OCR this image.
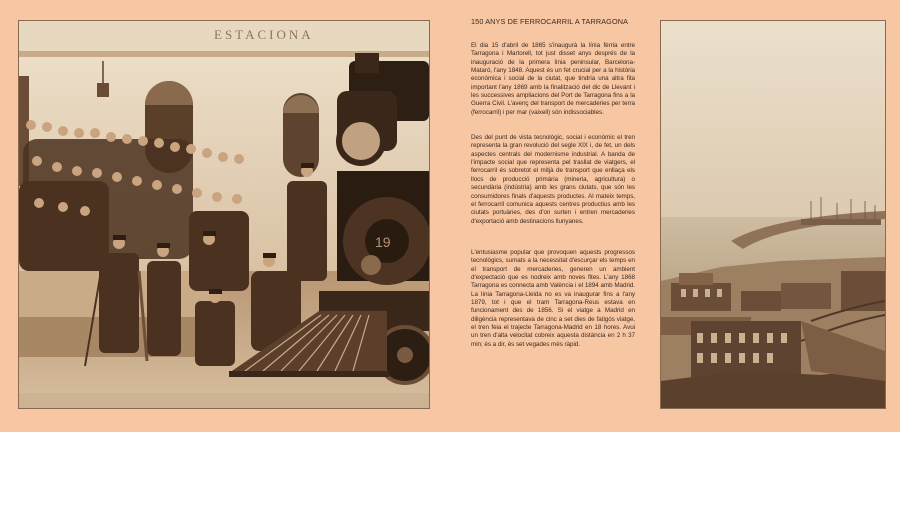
ESTACIONA
19
150 ANYS DE FERROCARRIL A TARRAGONA

El dia 15 d'abril de 1865 s'inaugurà la línia fèrria entre Tarragona i Martorell, tot just disset anys després de la inauguració de la primera línia peninsular, Barcelona-Mataró, l'any 1848. Aquest és un fet crucial per a la història econòmica i social de la ciutat, que tindria una altra fita important l'any 1869 amb la finalització del dic de Llevant i les successives ampliacions del Port de Tarragona fins a la Guerra Civil. L'avenç del transport de mercaderies per terra (ferrocarril) i per mar (vaixell) són indissociables.

Des del punt de vista tecnològic, social i econòmic el tren representa la gran revolució del segle XIX i, de fet, un dels aspectes centrals del modernisme industrial. A banda de l'impacte social que representa pel trasllat de viatgers, el ferrocarril és sobretot el mitjà de transport que enllaça els llocs de producció primària (mineria, agricultura) o secundària (indústria) amb les grans ciutats, que són les consumidores finals d'aquests productes. Al mateix temps, el ferrocarril comunica aquests centres productius amb les ciutats portuàries, des d'on surten i entren mercaderies d'exportació amb destinacions llunyanes.

L'entusiasme popular que provoquen aquests progressos tecnològics, sumats a la necessitat d'escurçar els temps en el transport de mercaderies, generen un ambient d'expectació que es nodreix amb noves fites. L'any 1868 Tarragona es connecta amb València i el 1894 amb Madrid. La línia Tarragona-Lleida no es va inaugurar fins a l'any 1879, tot i que el tram Tarragona-Reus estava en funcionament des de 1856. Si el viatge a Madrid en diligència representava de cinc a set dies de fatigós viatge, el tren feia el trajecte Tarragona-Madrid en 18 hores. Avui un tren d'alta velocitat cobreix aquesta distància en 2 h 37 min; és a dir, és set vegades més ràpid.
